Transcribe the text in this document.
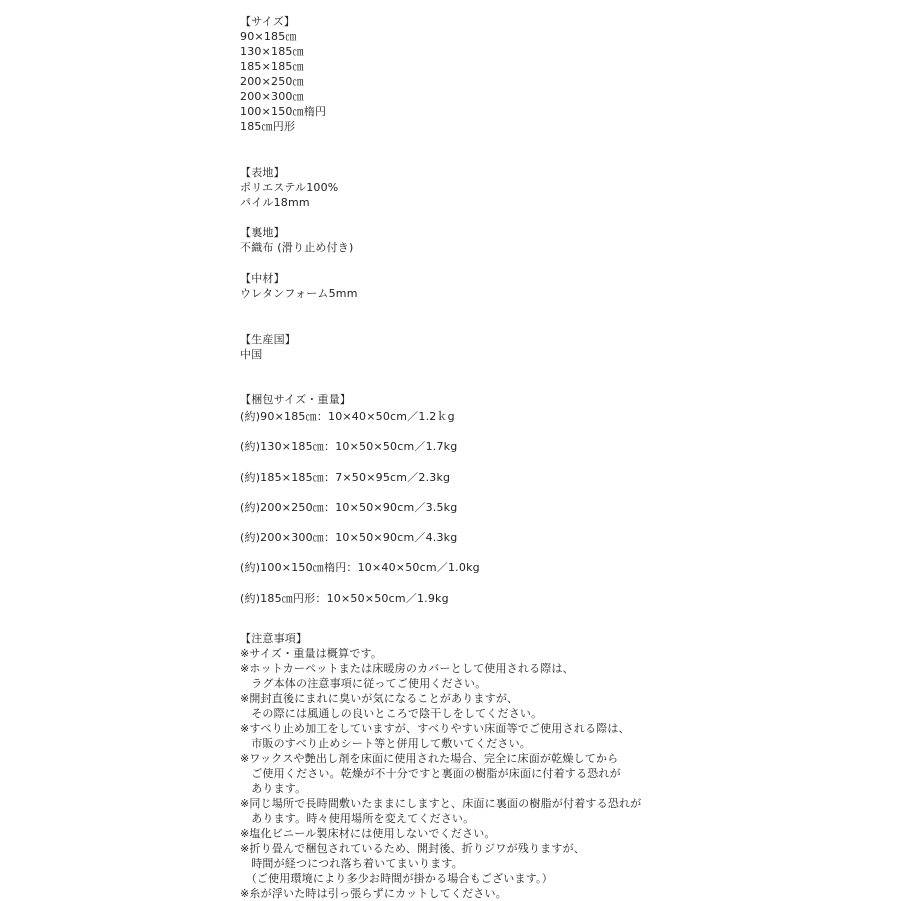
【サイズ】
90×185㎝
130×185㎝
185×185㎝
200×250㎝
200×300㎝
100×150㎝楕円
185㎝円形
【表地】
ポリエステル100%
パイル18mm
【裏地】
不織布 (滑り止め付き)
【中材】
ウレタンフォーム5mm
【生産国】
中国
【梱包サイズ・重量】
(約)90×185㎝：10×40×50cm／1.2ｋg
(約)130×185㎝：10×50×50cm／1.7kg
(約)185×185㎝：7×50×95cm／2.3kg
(約)200×250㎝：10×50×90cm／3.5kg
(約)200×300㎝：10×50×90cm／4.3kg
(約)100×150㎝楕円：10×40×50cm／1.0kg
(約)185㎝円形：10×50×50cm／1.9kg
【注意事項】
※サイズ・重量は概算です。
※ホットカーペットまたは床暖房のカバーとして使用される際は、
　ラグ本体の注意事項に従ってご使用ください。
※開封直後にまれに臭いが気になることがありますが、
　その際には風通しの良いところで陰干しをしてください。
※すべり止め加工をしていますが、すべりやすい床面等でご使用される際は、
　市販のすべり止めシート等と併用して敷いてください。
※ワックスや艶出し剤を床面に使用された場合、完全に床面が乾燥してから
　ご使用ください。乾燥が不十分ですと裏面の樹脂が床面に付着する恐れが
　あります。
※同じ場所で長時間敷いたままにしますと、床面に裏面の樹脂が付着する恐れが
　あります。時々使用場所を変えてください。
※塩化ビニール製床材には使用しないでください。
※折り畳んで梱包されているため、開封後、折りジワが残りますが、
　時間が経つにつれ落ち着いてまいります。
　（ご使用環境により多少お時間が掛かる場合もございます。）
※糸が浮いた時は引っ張らずにカットしてください。
